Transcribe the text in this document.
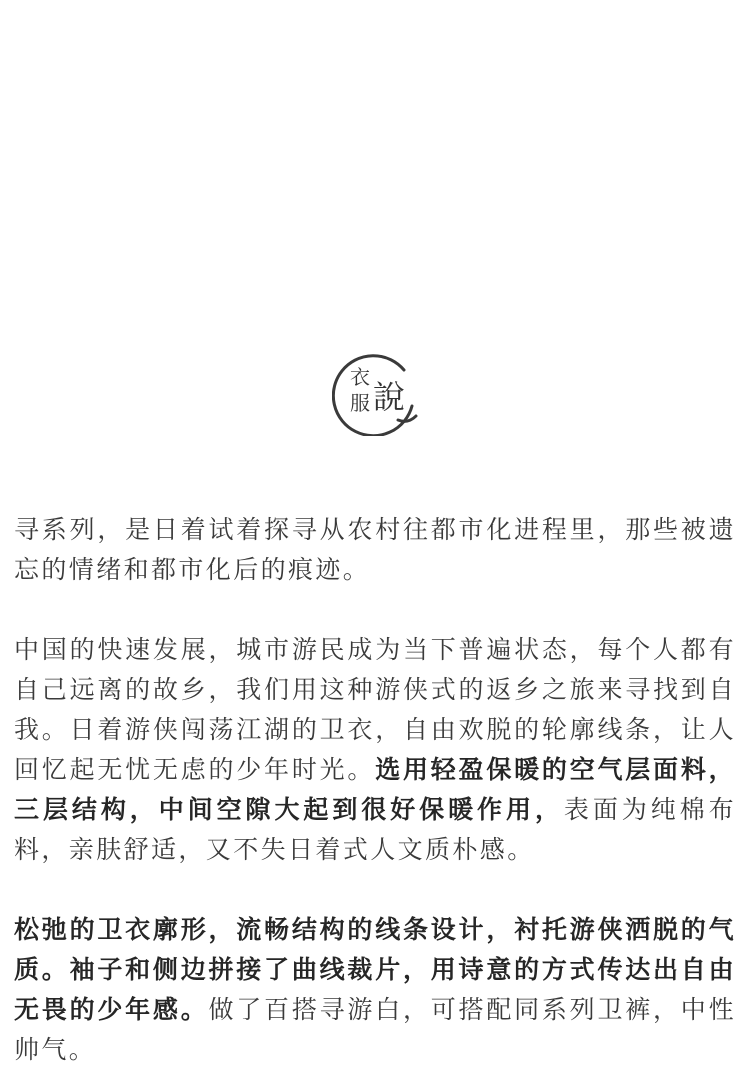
衣
服 說

寻系列，是日着试着探寻从农村往都市化进程里，那些被遗忘的情绪和都市化后的痕迹。

中国的快速发展，城市游民成为当下普遍状态，每个人都有自己远离的故乡，我们用这种游侠式的返乡之旅来寻找到自我。日着游侠闯荡江湖的卫衣，自由欢脱的轮廓线条，让人回忆起无忧无虑的少年时光。选用轻盈保暖的空气层面料，三层结构，中间空隙大起到很好保暖作用，表面为纯棉布料，亲肤舒适，又不失日着式人文质朴感。

松弛的卫衣廓形，流畅结构的线条设计，衬托游侠洒脱的气质。袖子和侧边拼接了曲线裁片，用诗意的方式传达出自由无畏的少年感。做了百搭寻游白，可搭配同系列卫裤，中性帅气。
